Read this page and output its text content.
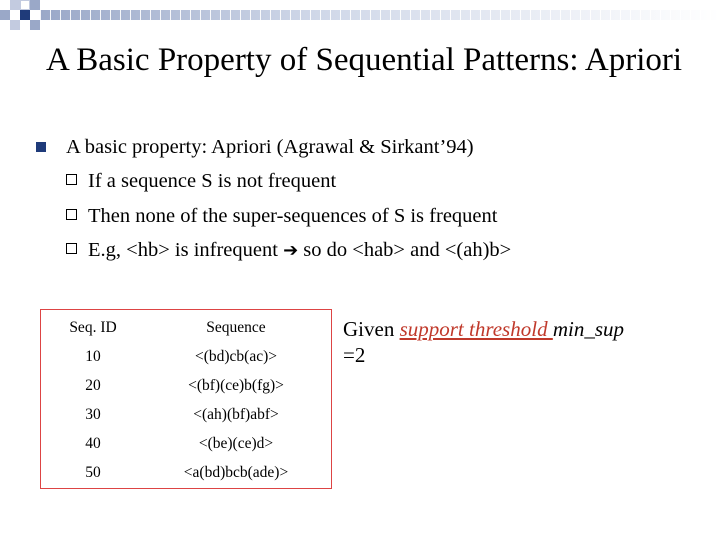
A Basic Property of Sequential Patterns: Apriori
A basic property: Apriori (Agrawal & Sirkant’94)
If a sequence S is not frequent
Then none of the super-sequences of S is frequent
E.g, <hb> is infrequent ➔ so do <hab> and <(ah)b>
Seq. ID	Sequence
10	<(bd)cb(ac)>
20	<(bf)(ce)b(fg)>
30	<(ah)(bf)abf>
40	<(be)(ce)d>
50	<a(bd)bcb(ade)>
Given support threshold min_sup
=2
